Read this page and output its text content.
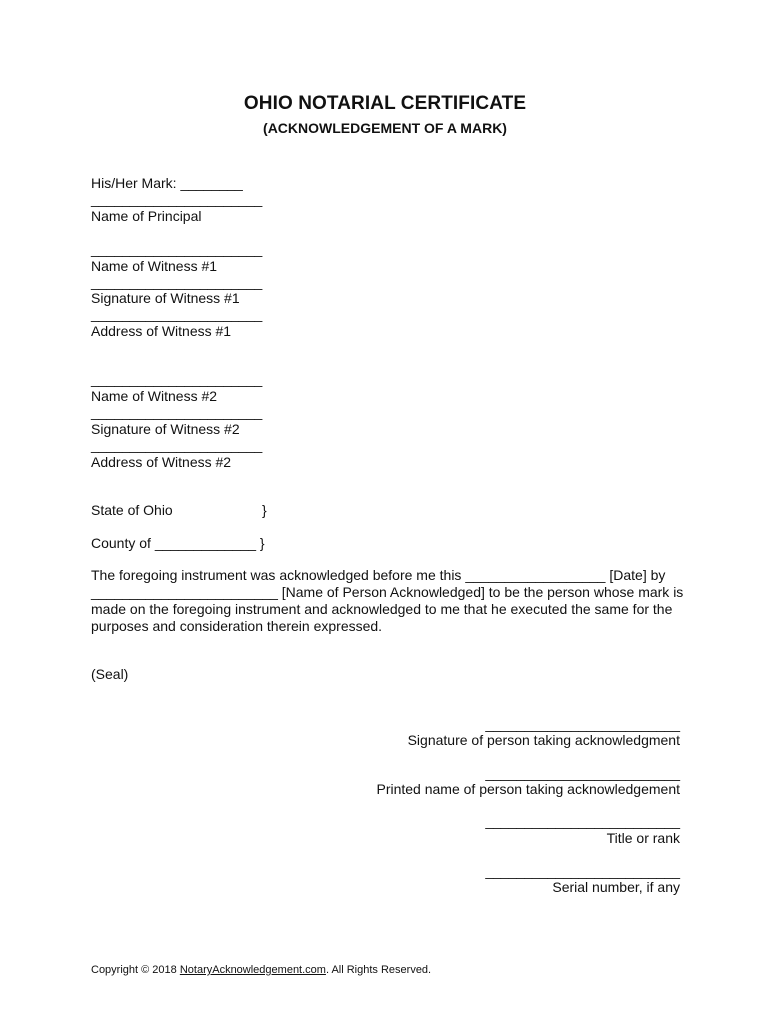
OHIO NOTARIAL CERTIFICATE
(ACKNOWLEDGEMENT OF A MARK)
His/Her Mark: ________
______________________
Name of Principal
______________________
Name of Witness #1
______________________
Signature of Witness #1
______________________
Address of Witness #1
______________________
Name of Witness #2
______________________
Signature of Witness #2
______________________
Address of Witness #2
State of Ohio	}
County of _____________ }
The foregoing instrument was acknowledged before me this __________________ [Date] by
________________________ [Name of Person Acknowledged] to be the person whose mark is
made on the foregoing instrument and acknowledged to me that he executed the same for the
purposes and consideration therein expressed.
(Seal)
_________________________
Signature of person taking acknowledgment
_________________________
Printed name of person taking acknowledgement
_________________________
Title or rank
_________________________
Serial number, if any
Copyright © 2018 NotaryAcknowledgement.com. All Rights Reserved.
